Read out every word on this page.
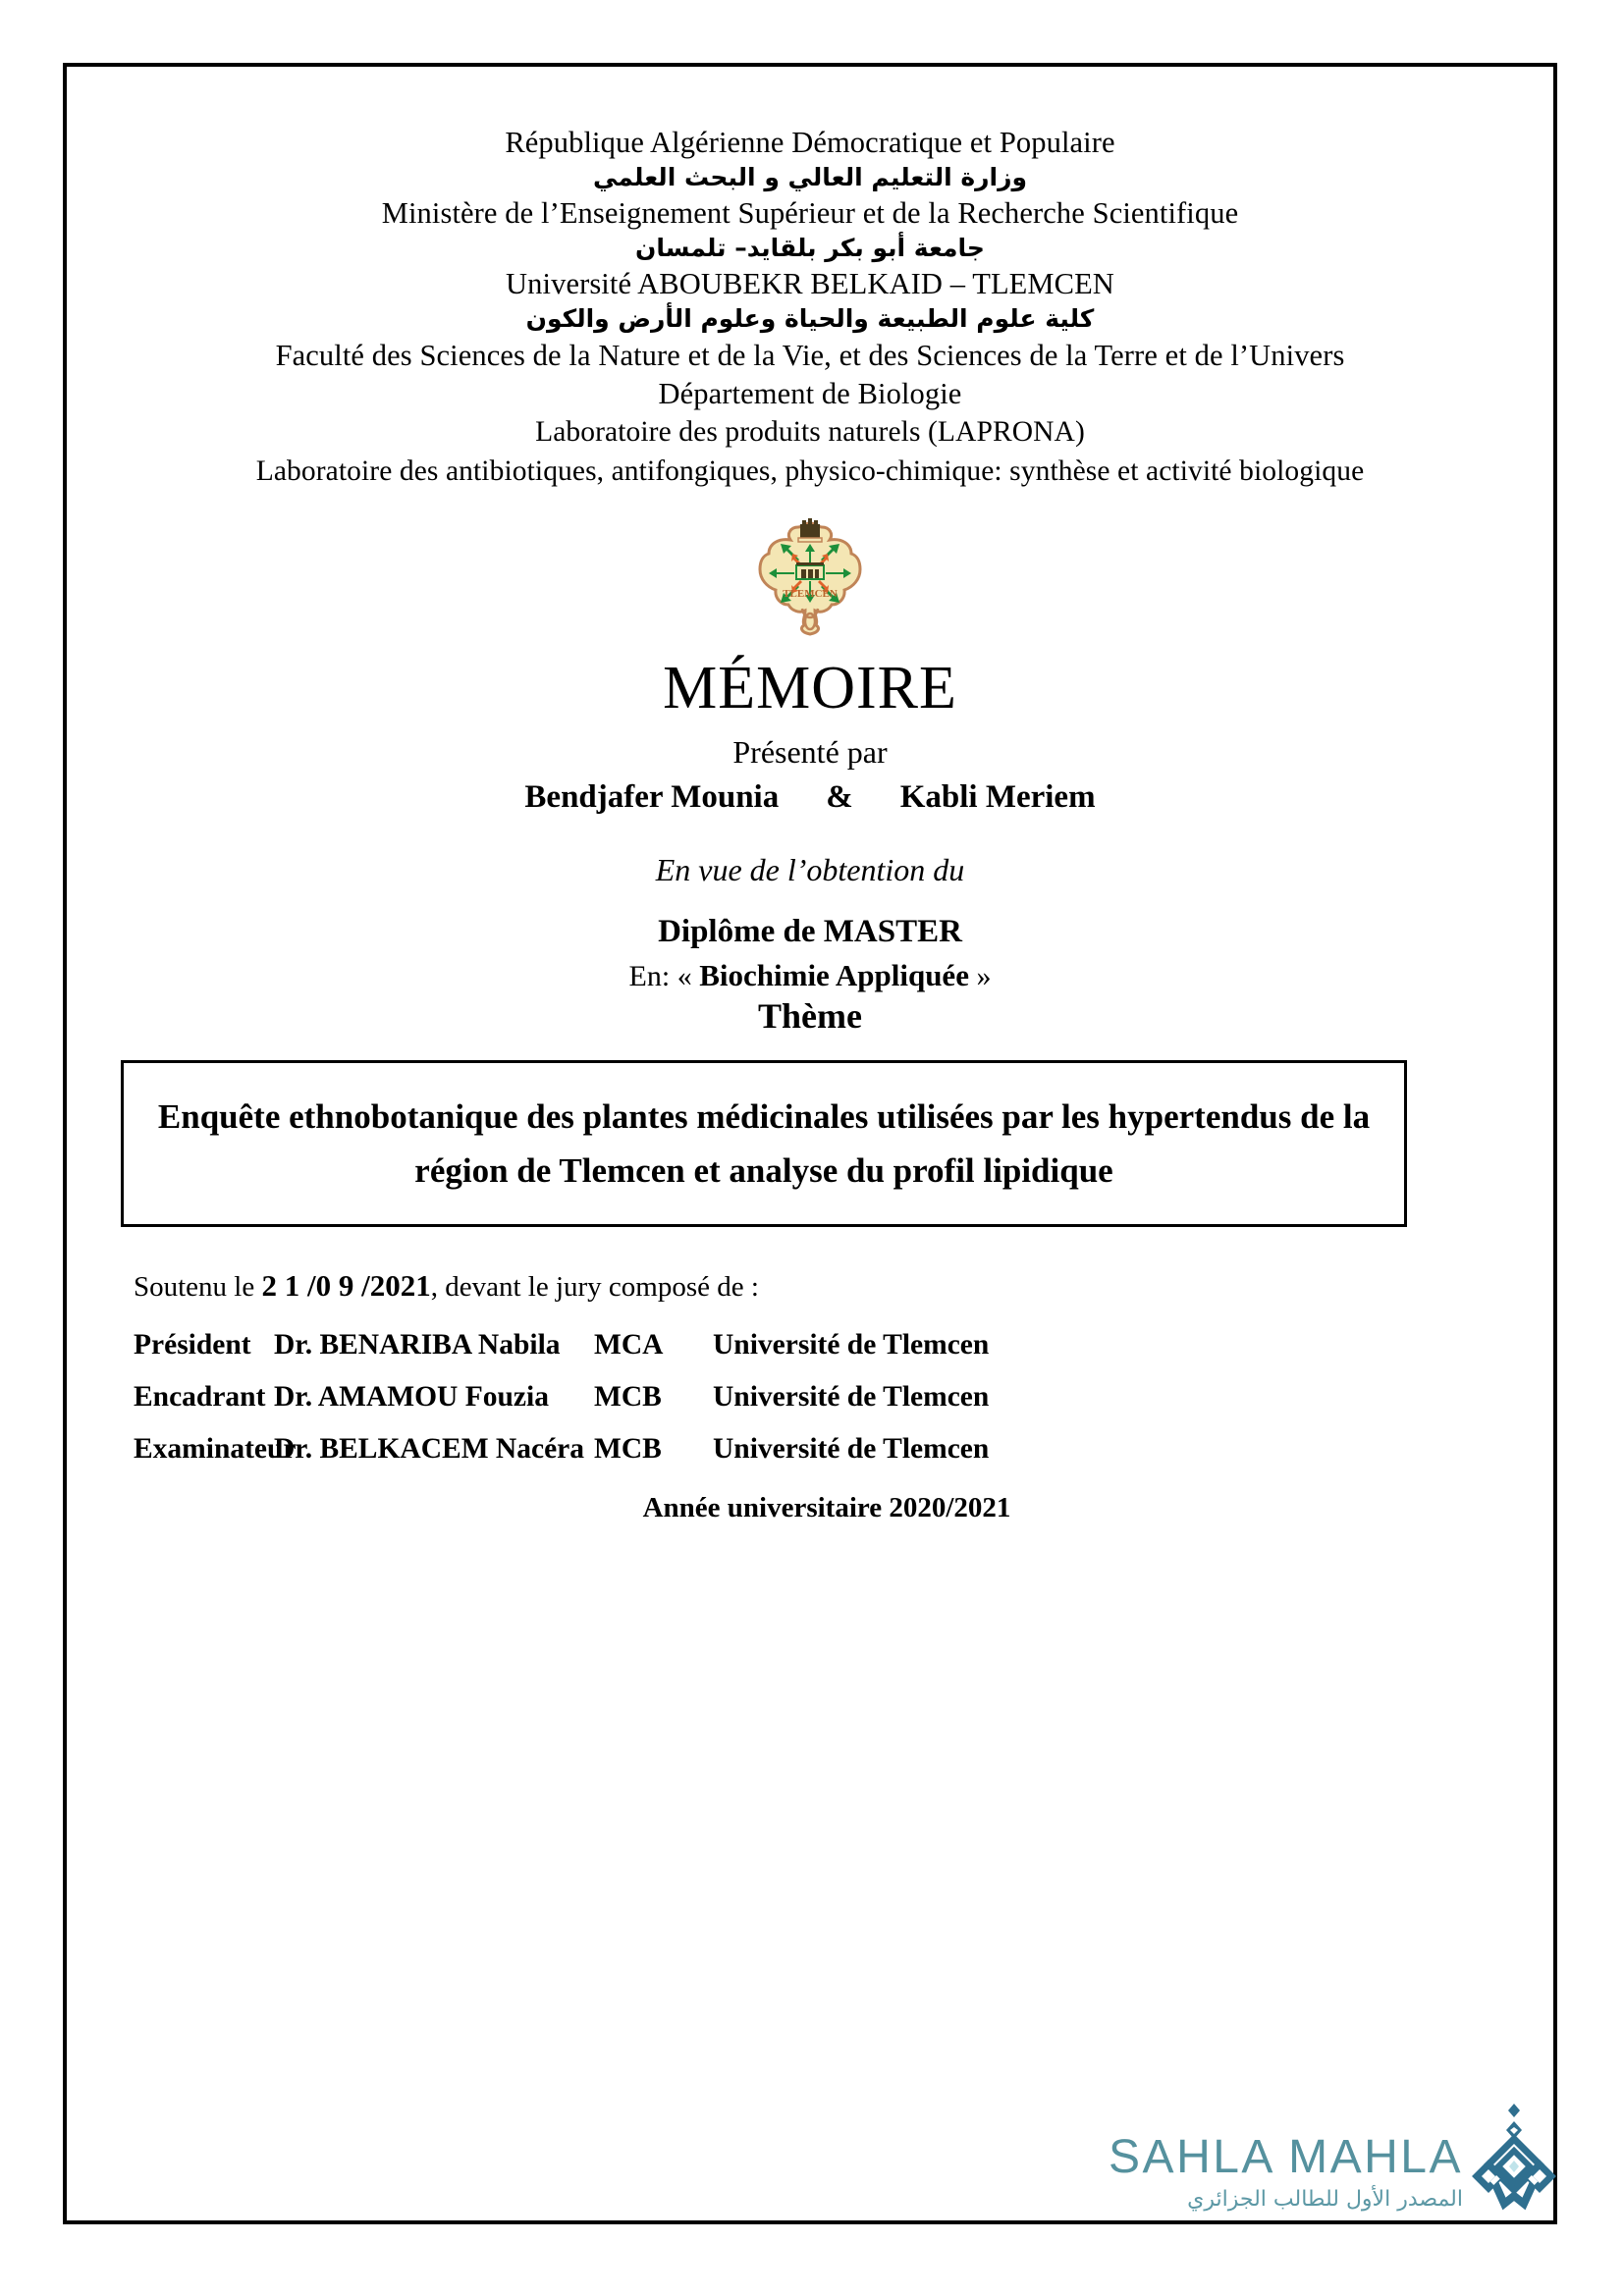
République Algérienne Démocratique et Populaire
وزارة التعليم العالي و البحث العلمي
Ministère de l’Enseignement Supérieur et de la Recherche Scientifique
جامعة أبو بكر بلقايد– تلمسان
Université ABOUBEKR BELKAID – TLEMCEN
كلية علوم الطبيعة والحياة وعلوم الأرض والكون
Faculté des Sciences de la Nature et de la Vie, et des Sciences de la Terre et de l’Univers
Département de Biologie
Laboratoire des produits naturels (LAPRONA)
Laboratoire des antibiotiques, antifongiques, physico-chimique: synthèse et activité biologique
TLEMCEN
MÉMOIRE
Présenté par
Bendjafer Mounia & Kabli Meriem
En vue de l’obtention du
Diplôme de MASTER
En: « Biochimie Appliquée »
Thème
Enquête ethnobotanique des plantes médicinales utilisées par les hypertendus de la région de Tlemcen et analyse du profil lipidique
Soutenu le 2 1 /0 9 /2021, devant le jury composé de :
Président Dr. BENARIBA Nabila MCA Université de Tlemcen
Encadrant Dr. AMAMOU Fouzia MCB Université de Tlemcen
Examinateur
Dr. BELKACEM Nacéra MCB Université de Tlemcen
Année universitaire 2020/2021
SAHLA MAHLA
المصدر الأول للطالب الجزائري
